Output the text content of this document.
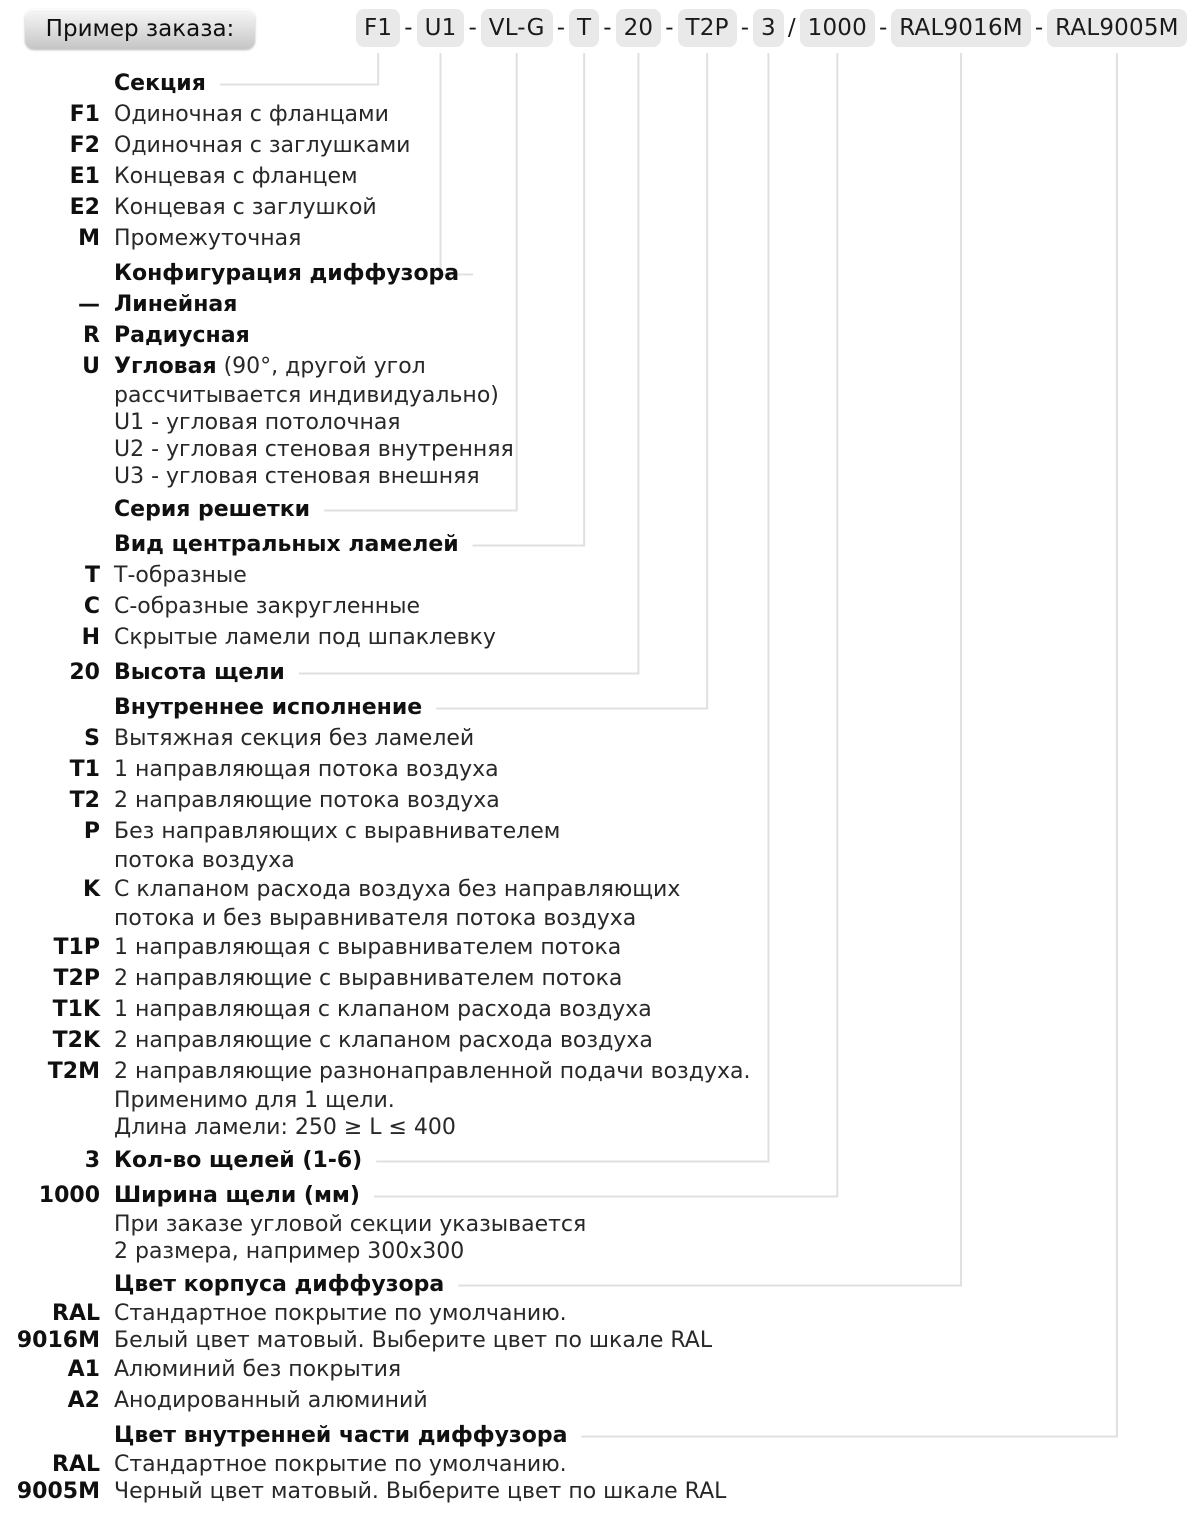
Пример заказа:	F1 - U1 - VL-G - T - 20 - T2P - 3 / 1000 - RAL9016M - RAL9005M
Секция
F1 Одиночная с фланцами
F2 Одиночная с заглушками
E1 Концевая с фланцем
E2 Концевая с заглушкой
M Промежуточная
Конфигурация диффузора
— Линейная
R Радиусная
U Угловая (90°, другой угол
рассчитывается индивидуально)
U1 - угловая потолочная
U2 - угловая стеновая внутренняя
U3 - угловая стеновая внешняя
Серия решетки
Вид центральных ламелей
T Т-образные
C С-образные закругленные
H Скрытые ламели под шпаклевку
20 Высота щели
Внутреннее исполнение
S Вытяжная секция без ламелей
T1 1 направляющая потока воздуха
T2 2 направляющие потока воздуха
P Без направляющих с выравнивателем
потока воздуха
K С клапаном расхода воздуха без направляющих
потока и без выравнивателя потока воздуха
T1P 1 направляющая с выравнивателем потока
T2P 2 направляющие с выравнивателем потока
T1K 1 направляющая с клапаном расхода воздуха
T2K 2 направляющие с клапаном расхода воздуха
T2M 2 направляющие разнонаправленной подачи воздуха.
Применимо для 1 щели.
Длина ламели: 250 ≥ L ≤ 400
3 Кол-во щелей (1-6)
1000 Ширина щели (мм)
При заказе угловой секции указывается
2 размера, например 300x300
Цвет корпуса диффузора
RAL
9016M
Стандартное покрытие по умолчанию.
Белый цвет матовый. Выберите цвет по шкале RAL
A1 Алюминий без покрытия
A2 Анодированный алюминий
Цвет внутренней части диффузора
RAL
9005M
Стандартное покрытие по умолчанию.
Черный цвет матовый. Выберите цвет по шкале RAL
